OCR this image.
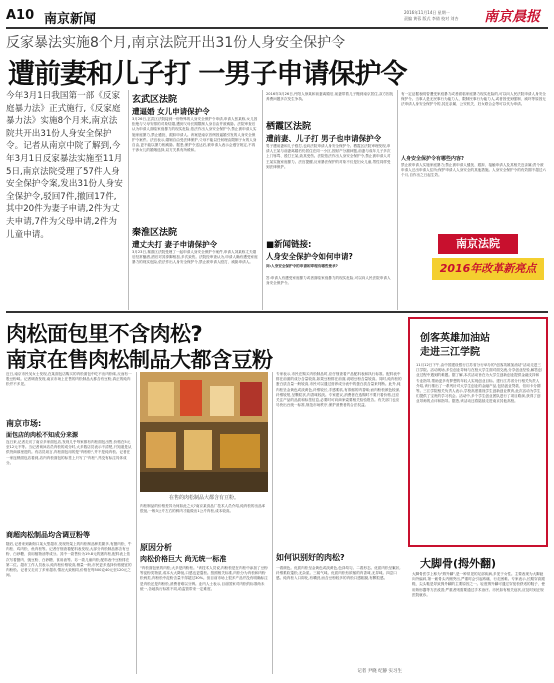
A10 南京新闻	2016年11月14日 星期一
责编 黄蓉 版式 李倩 校对 刘杏 南京晨报
反家暴法实施8个月,南京法院开出31份人身安全保护令
遭前妻和儿子打 一男子申请保护令
今年3月1日我国第一部《反家庭暴力法》正式施行,《反家庭暴力法》实施8个月来,南京法院共开出31份人身安全保护令。记者从南京中院了解到,今年3月1日反家暴法实施至11月5日,南京法院受理了57件人身安全保护令案,发出31份人身安全保护令,驳回7件,撤回17件,其中20件为妻子申请,2件为丈夫申请,7件为父母申请,2件为儿童申请。
玄武区法院
遭逼婚 女儿申请保护令
3月26日,玄武区法院接到一份特殊的人身安全保护令申请,申请人张某称,女儿因拒绝与父母安排的对象结婚,遭到父母长期限制人身自由并被威胁。法院审查后认为申请人面临家庭暴力的现实危险,依法作出人身安全保护令,禁止被申请人实施家庭暴力,禁止骚扰、跟踪申请人。该案是南京首例因逼婚引发的人身安全保护令案件。法官表示,婚姻自由受法律保护,父母不能以任何理由限制子女的人身自由,更不能以暴力相威胁。据悉,保护令送达后,被申请人表示会遵守规定,不再干涉女儿的婚姻选择,双方关系有所缓和。
秦淮区法院
遭丈夫打 妻子申请保护令
3月23日,秦淮区法院受理了一起申请人身安全保护令案件,申请人刘某称丈夫婚后经常酗酒,酒后对其拳脚相加,多次致伤。法院经审查认为,申请人确有遭受家庭暴力的现实危险,依法作出人身安全保护令,禁止被申请人殴打、威胁申请人。
2016年3月26日,丹阳人徐某和前妻离婚后,前妻带着儿子搬到南京居住,双方因抚养费问题多次发生争执。
栖霞区法院
遭前妻、儿子打 男子也申请保护令
男子遭前妻和儿子殴打,也向法院申请人身安全保护令。栖霞区法院审理发现,申请人王某与前妻离婚后仍居住在同一小区,因财产分割问题,前妻与成年儿子多次上门辱骂、殴打王某,致其受伤。法院依法作出人身安全保护令,禁止被申请人对王某实施家庭暴力。法官提醒,反家暴法保护的对象不仅是妇女儿童,男性同样受到法律保护。
■新闻链接:
人身安全保护令如何申请?
问:人身安全保护令的申请和审理有哪些要求?
答:申请人有遭受家庭暴力或者面临家庭暴力的现实危险,可以向人民法院申请人身安全保护令。
有一定证据表明曾遭受家庭暴力或者面临家庭暴力现实危险的,可以向人民法院申请人身安全保护令。当事人是无民事行为能力人、限制民事行为能力人,或者因受到强制、威吓等原因无法申请人身安全保护令的,其近亲属、公安机关、妇女联合会等可以代为申请。
人身安全保护令有哪些内容?
禁止被申请人实施家庭暴力;禁止被申请人骚扰、跟踪、接触申请人及其相关近亲属;责令被申请人迁出申请人住所;保护申请人人身安全的其他措施。人身安全保护令的有效期不超过六个月,自作出之日起生效。
南京法院
2016年改革新亮点
肉松面包里不含肉松?
南京在售肉松制品大都含豆粉
近日,南京市民吴女士发现,在某面包店购买的肉松面包中吃不出肉松味,反而有一股豆粉味。记者调查发现,南京市场上在售的肉松制品大都含有豆粉,真正的纯肉松并不多见。
南京市场:
面包店的肉松不知成分来源
连日来,记者走访了南京多家面包店,发现几乎每家都有肉松面包出售,价格在5元至12元不等。当记者询问店员肉松的成分时,大多数店员表示不清楚,只知道是从供货商那里进的。有店员坦言,肉松面包用的是"肉粉松",并不是纯肉松。记者在一家连锁面包店看到,店内肉松面包的标签上只写了"肉松",并没有标注具体成分。
商超肉松制品均含调豆粉等
随后,记者来到新街口某大型超市,发现货架上的肉松制品种类繁多,有猪肉松、牛肉松、鸡肉松、鱼肉松等。记者仔细查看配料表发现,大部分肉松制品都含有豆粉、白砂糖、食用植物油等成分。其中一款售价为19.8元的猪肉松,配料表上依次写着猪肉、豌豆粉、白砂糖、食用油等。另一款儿童肉松,配料表中豆粉排在第二位。超市工作人员表示,纯肉松价格较高,销量一般,市民更多选择价格便宜的肉粉松。记者又走访了多家超市,情况大致相同,价格在每500克40元至120元之间。
在售的肉松制品大都含有豆粉。
肉松制品的价格差异为何如此之大?南京某食品厂技术人员介绍,纯肉松的出品率很低,一般3公斤左右的鲜肉才能做出1公斤肉松,成本较高。
原因分析
肉松价格巨大 尚无统一标准
"肉松面包里的肉松,大多是肉粉松。"该技术人员说,肉粉松是在肉松中添加了豆粉等淀粉类物质,成本大大降低,口感也更蓬松。按照相关标准,肉松分为肉松和肉粉松两类,肉粉松中淀粉含量不得超过30%。但目前市场上很多产品并没有明确标注是肉松还是肉粉松,消费者难以分辨。业内人士表示,目前国家对肉松的标准尚未统一,各地执行标准不同,给监管带来一定难度。
专家表示,市民在购买肉松制品时,应仔细查看产品配料表和执行标准。配料表中排在前面的成分含量较高,如果豆粉排在前面,说明豆粉含量较高。同时,纯肉松的蛋白质含量一般较高,市民可以通过营养成分表中的蛋白质含量来判断。此外,纯肉松呈金黄色或淡黄色,纤维较长,手感柔软,有浓郁的肉香味;而肉粉松颜色较深,纤维较短,呈颗粒状,肉香味较淡。专家建议,消费者在选购时不要只看价格,还应关注产品的品质和标签信息,必要时可向商家索要相关检验报告。有关部门也应尽快出台统一标准,规范市场秩序,保护消费者的合法权益。
如何识别好的肉松?
一看颜色。优质肉松呈金黄色或淡黄色,色泽均匀。二看形态。优质肉松呈絮状,纤维柔软蓬松,无杂质。三闻气味。优质肉松有浓郁的肉香味,无异味。四尝口感。纯肉松入口即化,有嚼劲,而含豆粉较多的肉松口感粗糙,有颗粒感。
记者 尹晓 纪静 实习生
创客英雄加油站
走进三江学院
11月12日下午,由中国建设银行江苏省分行举办的"创客英雄加油站"活动走进三江学院。活动现场,多位创业导师与在校大学生面对面交流,分享创业经验,解答创业过程中遇到的难题。据了解,本次活动旨在为大学生创新创业提供金融支持和专业指导,帮助更多有梦想的年轻人实现创业目标。建行江苏省分行相关负责人介绍,该行推出了一系列针对大学生创业的金融产品,包括创业贷款、信用卡分期等。三江学院相关负责人表示,学校高度重视学生创新创业教育,此次活动为学生们提供了宝贵的学习机会。活动中,多个学生创业团队进行了项目路演,获得了创业导师的点评和指导。据悉,该活动还将陆续走进南京其他高校。
大脚骨(拇外翻)
大脚骨医学上称为"拇外翻",是一种常见的足部疾病,多见于女性。主要表现为大脚趾向外偏斜,第一跖骨头内侧突出,严重时会引起疼痛、行走困难。专家表示,长期穿高跟鞋、尖头鞋是导致拇外翻的主要原因之一。轻度拇外翻可通过穿宽松舒适的鞋子、使用矫形器等方法改善;严重者则需要通过手术治疗。市民如有相关症状,应及时到正规医院就诊。
